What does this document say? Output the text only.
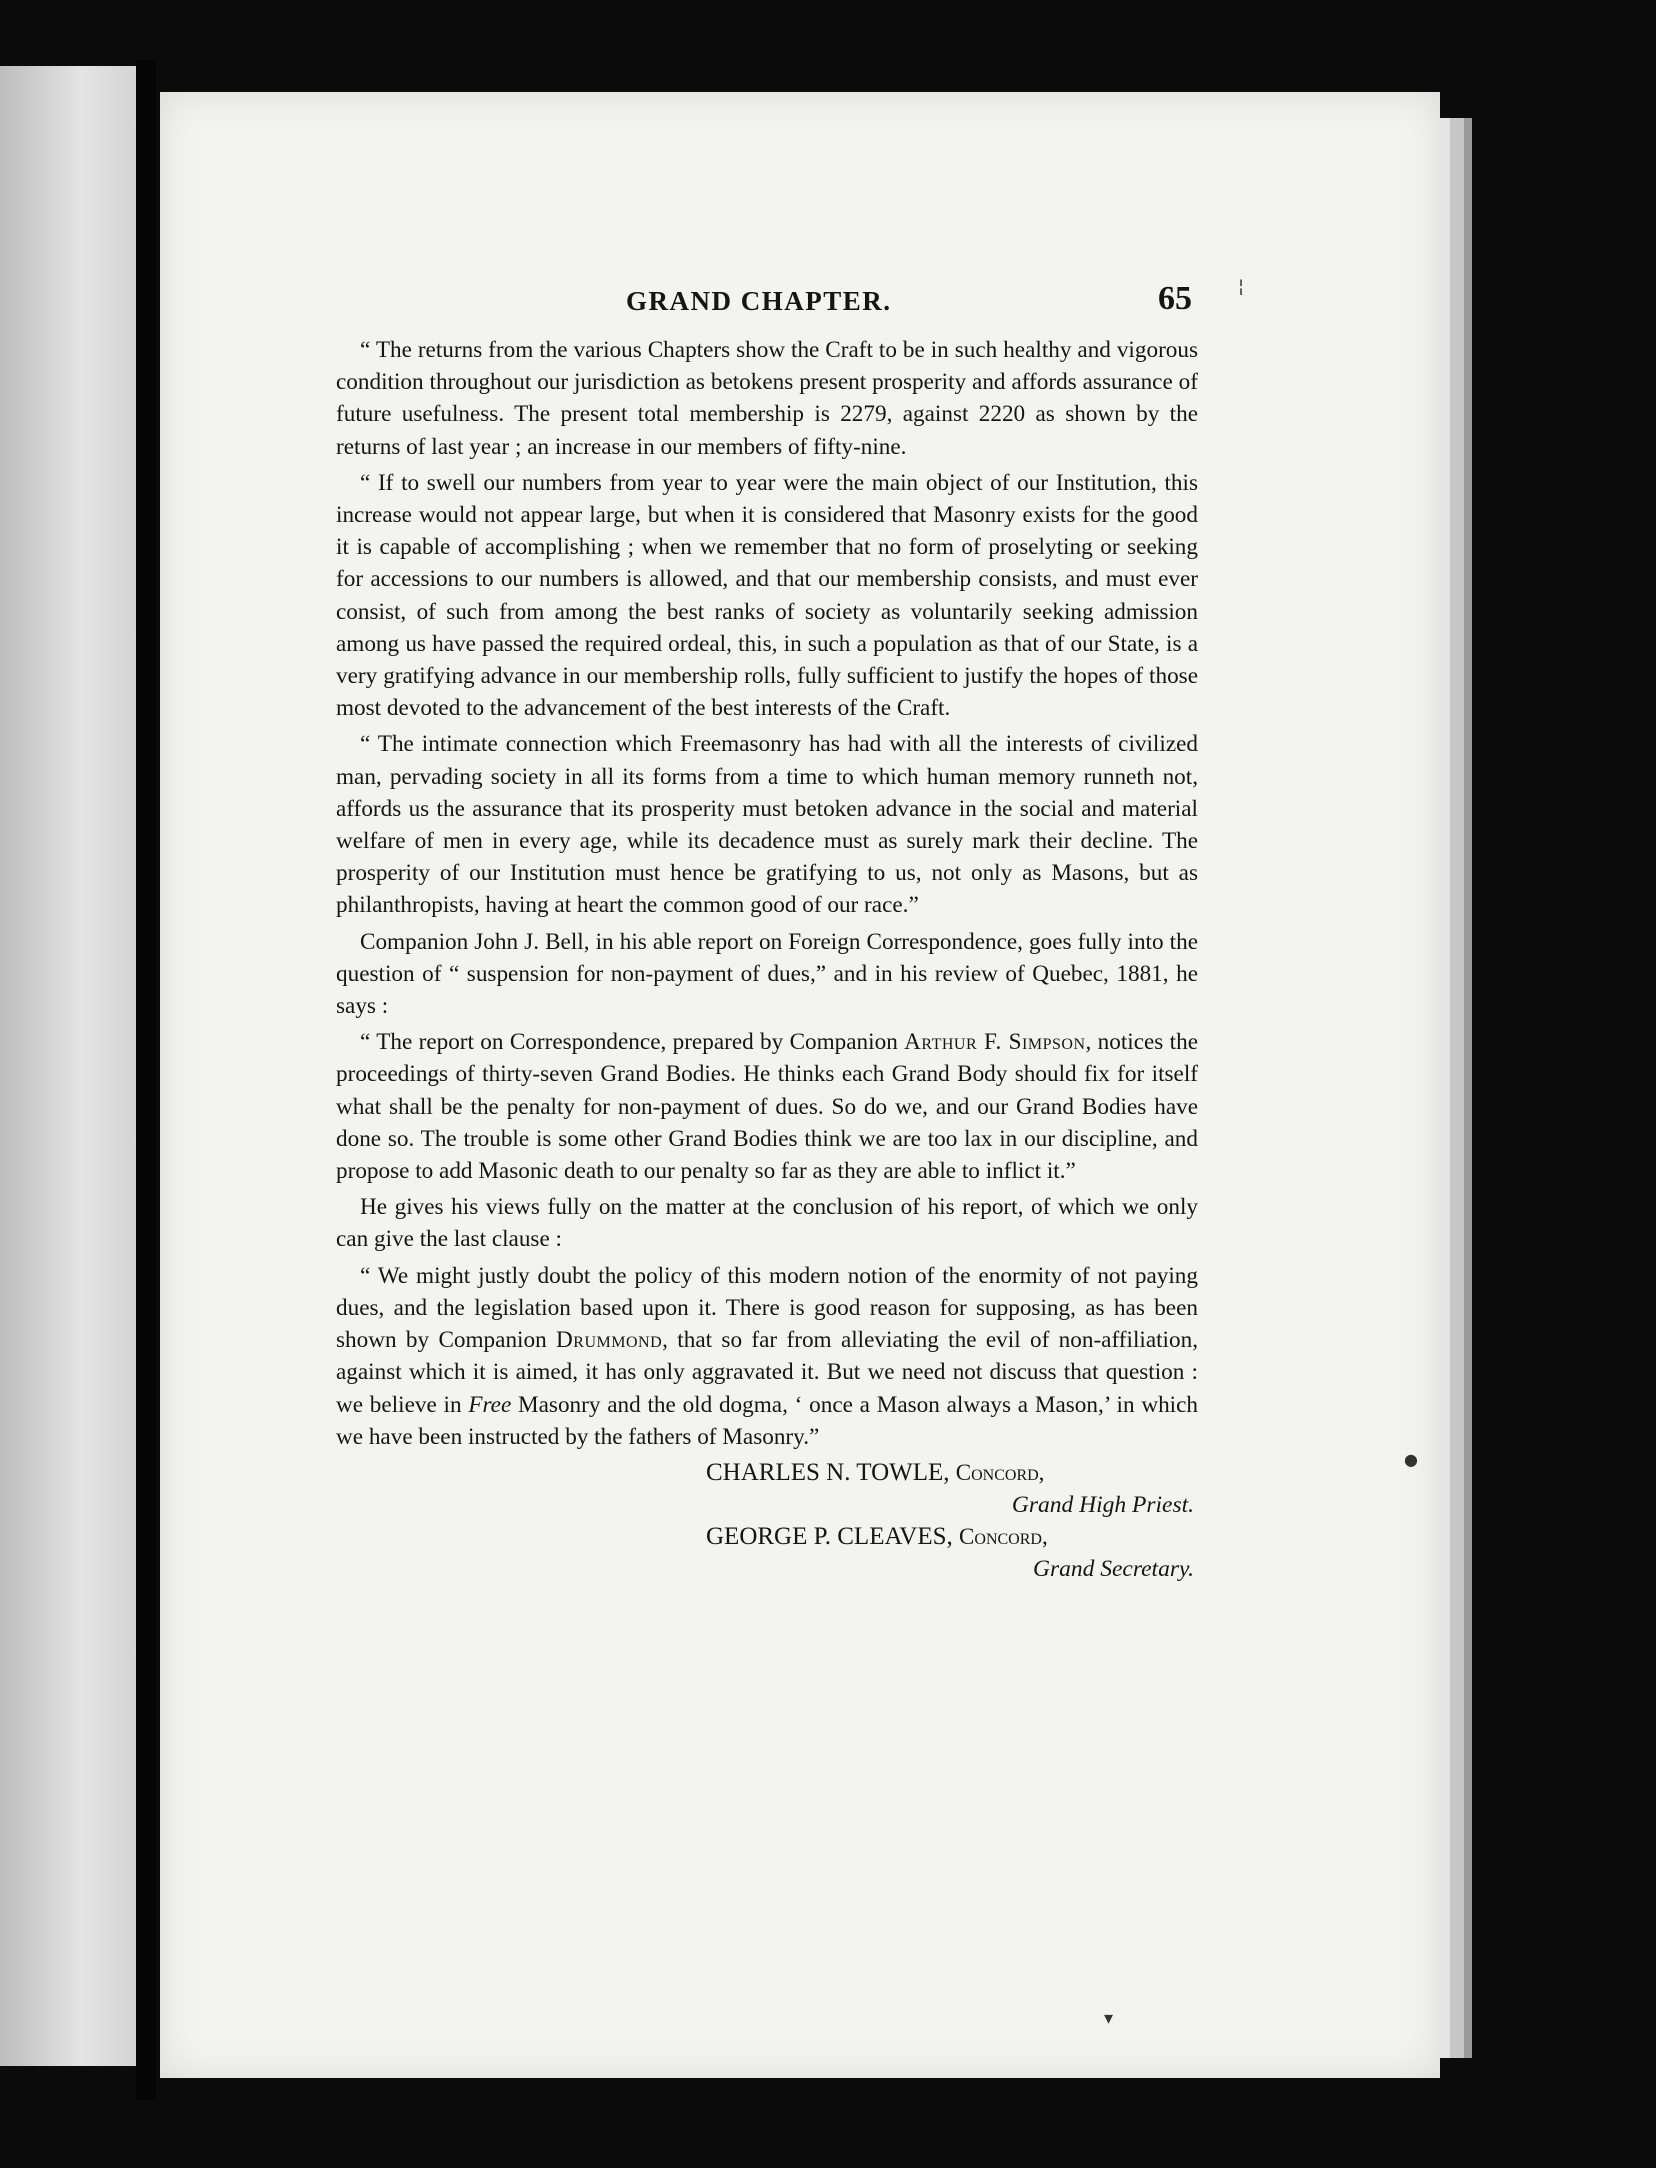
GRAND CHAPTER.	65

“ The returns from the various Chapters show the Craft to be in such healthy and vigorous condition throughout our jurisdiction as betokens present prosperity and affords assurance of future usefulness. The present total membership is 2279, against 2220 as shown by the returns of last year ; an increase in our members of fifty-nine.

“ If to swell our numbers from year to year were the main object of our Institution, this increase would not appear large, but when it is considered that Masonry exists for the good it is capable of accomplishing ; when we remember that no form of proselyting or seeking for accessions to our numbers is allowed, and that our membership consists, and must ever consist, of such from among the best ranks of society as voluntarily seeking admission among us have passed the required ordeal, this, in such a population as that of our State, is a very gratifying advance in our membership rolls, fully sufficient to justify the hopes of those most devoted to the advancement of the best interests of the Craft.

“ The intimate connection which Freemasonry has had with all the interests of civilized man, pervading society in all its forms from a time to which human memory runneth not, affords us the assurance that its prosperity must betoken advance in the social and material welfare of men in every age, while its decadence must as surely mark their decline. The prosperity of our Institution must hence be gratifying to us, not only as Masons, but as philanthropists, having at heart the common good of our race.”

Companion John J. Bell, in his able report on Foreign Correspondence, goes fully into the question of “ suspension for non-payment of dues,” and in his review of Quebec, 1881, he says :

“ The report on Correspondence, prepared by Companion Arthur F. Simpson, notices the proceedings of thirty-seven Grand Bodies. He thinks each Grand Body should fix for itself what shall be the penalty for non-payment of dues. So do we, and our Grand Bodies have done so. The trouble is some other Grand Bodies think we are too lax in our discipline, and propose to add Masonic death to our penalty so far as they are able to inflict it.”

He gives his views fully on the matter at the conclusion of his report, of which we only can give the last clause :

“ We might justly doubt the policy of this modern notion of the enormity of not paying dues, and the legislation based upon it. There is good reason for supposing, as has been shown by Companion Drummond, that so far from alleviating the evil of non-affiliation, against which it is aimed, it has only aggravated it. But we need not discuss that question : we believe in Free Masonry and the old dogma, ‘ once a Mason always a Mason,’ in which we have been instructed by the fathers of Masonry.”

CHARLES N. TOWLE, Concord,
Grand High Priest.
GEORGE P. CLEAVES, Concord,
Grand Secretary.
¦
●
▾
